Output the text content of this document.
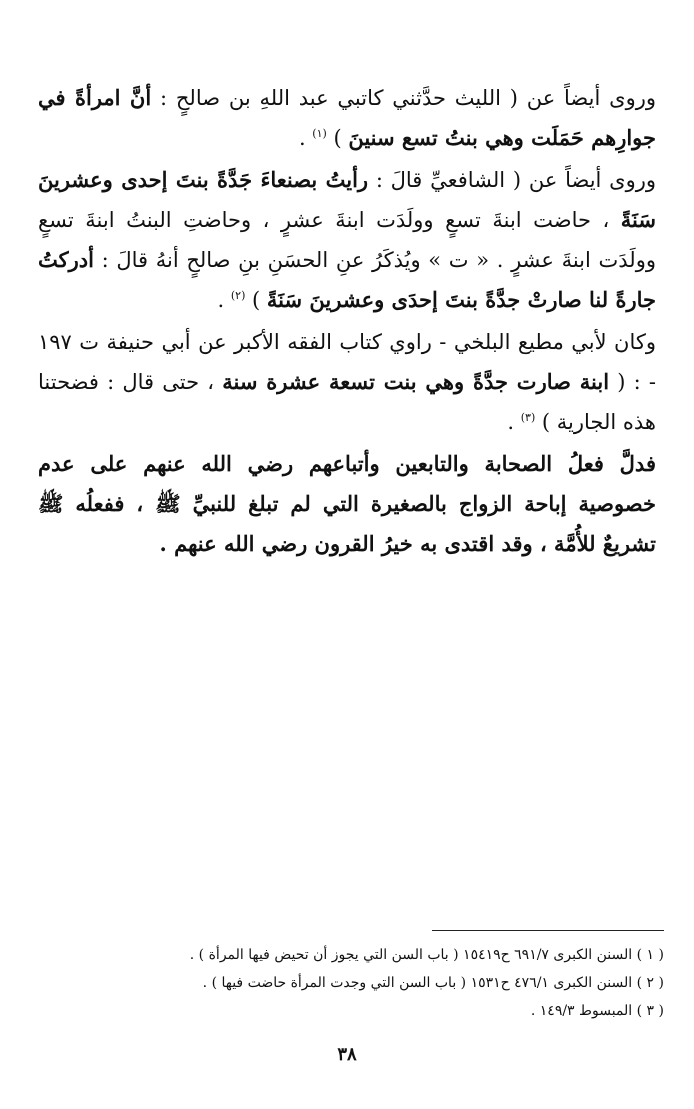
وروى أيضاً عن ( الليث حدَّثني كاتبي عبد اللهِ بن صالحٍ : أنَّ امرأةً في جوارِهم حَمَلَت وهي بنتُ تسع سنينَ ) $^{(١)}$ .

وروى أيضاً عن ( الشافعيِّ قالَ : رأيتُ بصنعاءَ جَدَّةً بنتَ إحدى وعشرينَ سَنَةً ، حاضت ابنةَ تسعٍ وولَدَت ابنةَ عشرٍ ، وحاضتِ البنتُ ابنةَ تسعٍ وولَدَت ابنةَ عشرٍ . « ت » ويُذكَرُ عنِ الحسَنِ بنِ صالحٍ أنهُ قالَ : أدركتُ جارةً لنا صارتْ جدَّةً بنتَ إحدَى وعشرينَ سَنَةً ) $^{(٢)}$ .

وكان لأبي مطيع البلخي - راوي كتاب الفقه الأكبر عن أبي حنيفة ت ١٩٧ - : ( ابنة صارت جدَّةً وهي بنت تسعة عشرة سنة ، حتى قال : فضحتنا هذه الجارية ) $^{(٣)}$ .

فدلَّ فعلُ الصحابة والتابعين وأتباعهم رضي الله عنهم على عدم خصوصية إباحة الزواج بالصغيرة التي لم تبلغ للنبيِّ ﷺ ، ففعلُه ﷺ تشريعٌ للأُمَّة ، وقد اقتدى به خيرُ القرون رضي الله عنهم .

( ١ ) السنن الكبرى ٦٩١/٧ ح١٥٤١٩ ( باب السن التي يجوز أن تحيض فيها المرأة ) .
( ٢ ) السنن الكبرى ٤٧٦/١ ح١٥٣١ ( باب السن التي وجدت المرأة حاضت فيها ) .
( ٣ ) المبسوط ١٤٩/٣ .
٣٨
